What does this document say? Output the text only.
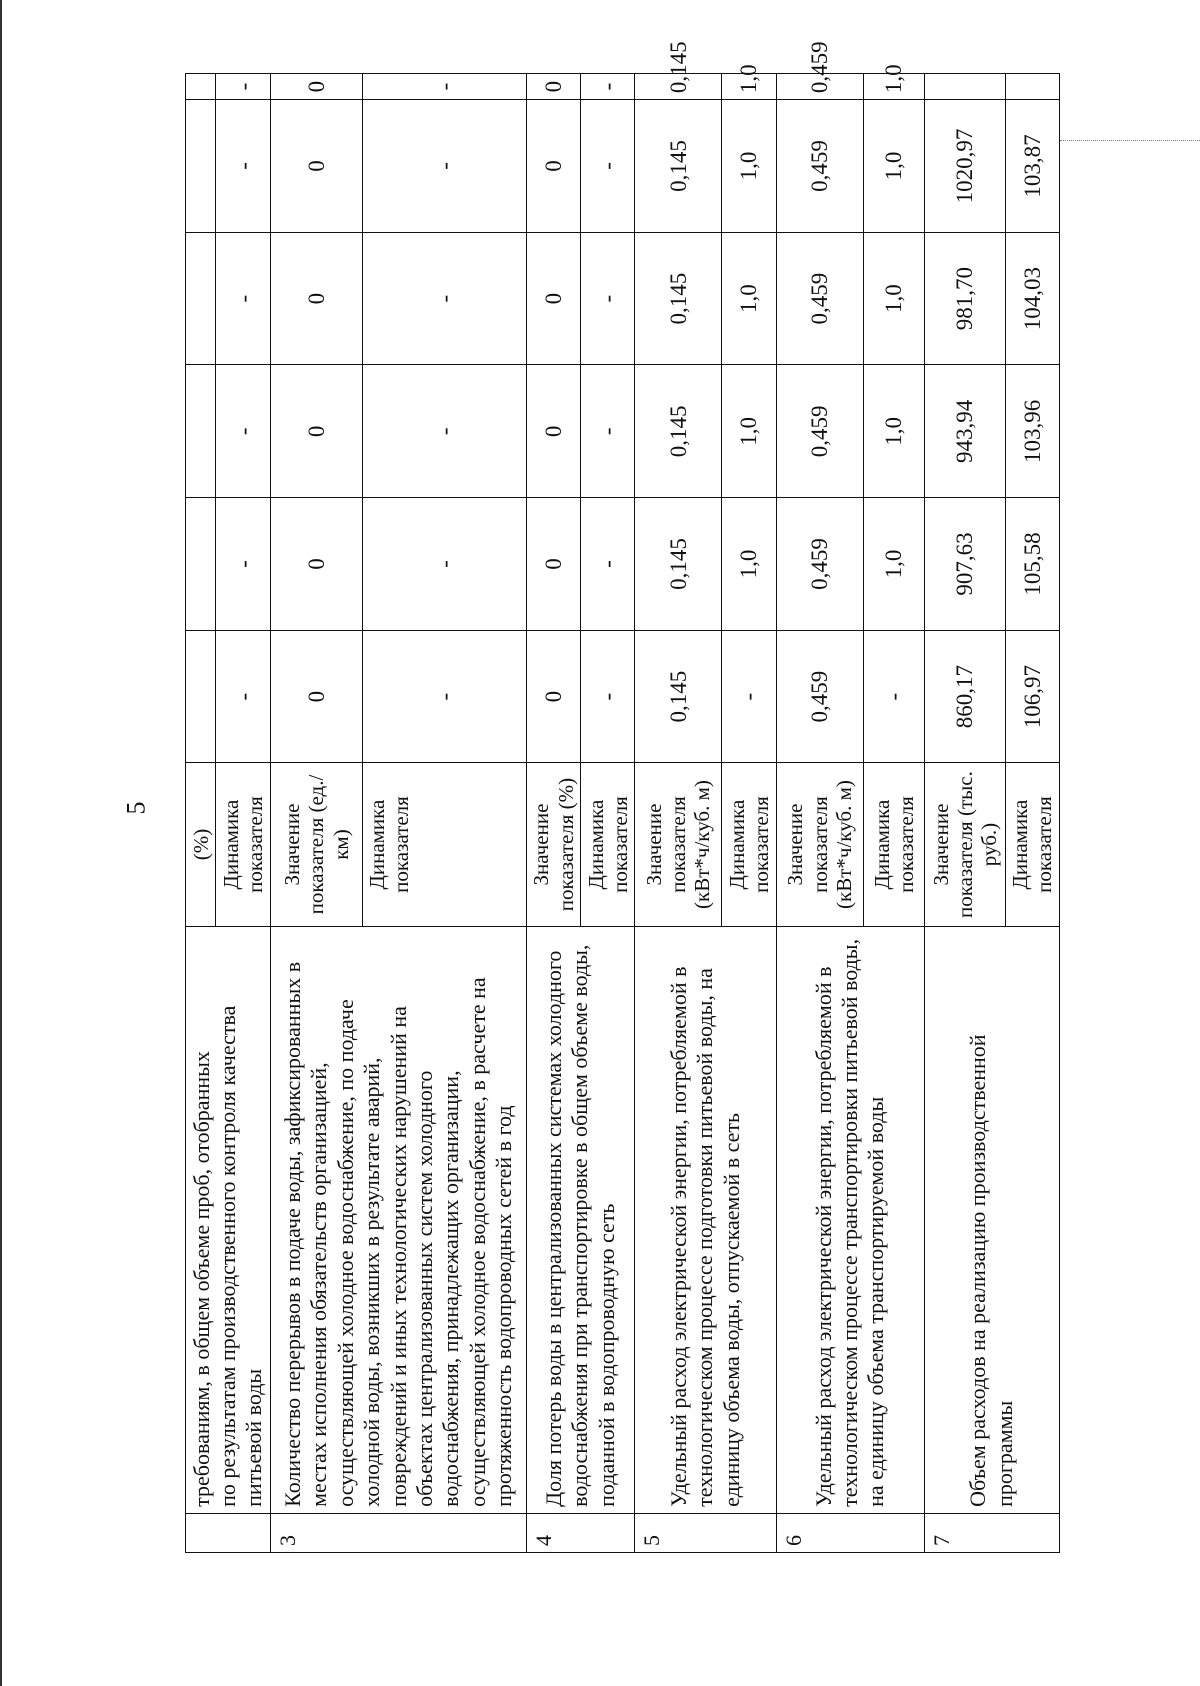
5

	требованиям, в общем объеме проб, отобранных по результатам производственного контроля качества питьевой воды	(%)						
		Динамика показателя	-	-	-	-	-	-
3	Количество перерывов в подаче воды, зафиксированных в местах исполнения обязательств организацией, осуществляющей холодное водоснабжение, по подаче холодной воды, возникших в результате аварий, повреждений и иных технологических нарушений на объектах централизованных систем холодного водоснабжения, принадлежащих организации, осуществляющей холодное водоснабжение, в расчете на протяженность водопроводных сетей в год	Значение показателя (ед./км)	0	0	0	0	0	0
		Динамика показателя	-	-	-	-	-	-
4	Доля потерь воды в централизованных системах холодного водоснабжения при транспортировке в общем объеме воды, поданной в водопроводную сеть	Значение показателя (%)	0	0	0	0	0	0
		Динамика показателя	-	-	-	-	-	-
5	Удельный расход электрической энергии, потребляемой в технологическом процессе подготовки питьевой воды, на единицу объема воды, отпускаемой в сеть	Значение показателя (кВт*ч/куб. м)	0,145	0,145	0,145	0,145	0,145	0,145
		Динамика показателя	-	1,0	1,0	1,0	1,0	1,0
6	Удельный расход электрической энергии, потребляемой в технологическом процессе транспортировки питьевой воды, на единицу объема транспортируемой воды	Значение показателя (кВт*ч/куб. м)	0,459	0,459	0,459	0,459	0,459	0,459
		Динамика показателя	-	1,0	1,0	1,0	1,0	1,0
7	Объем расходов на реализацию производственной программы	Значение показателя (тыс. руб.)	860,17	907,63	943,94	981,70	1020,97	
		Динамика показателя	106,97	105,58	103,96	104,03	103,87	
